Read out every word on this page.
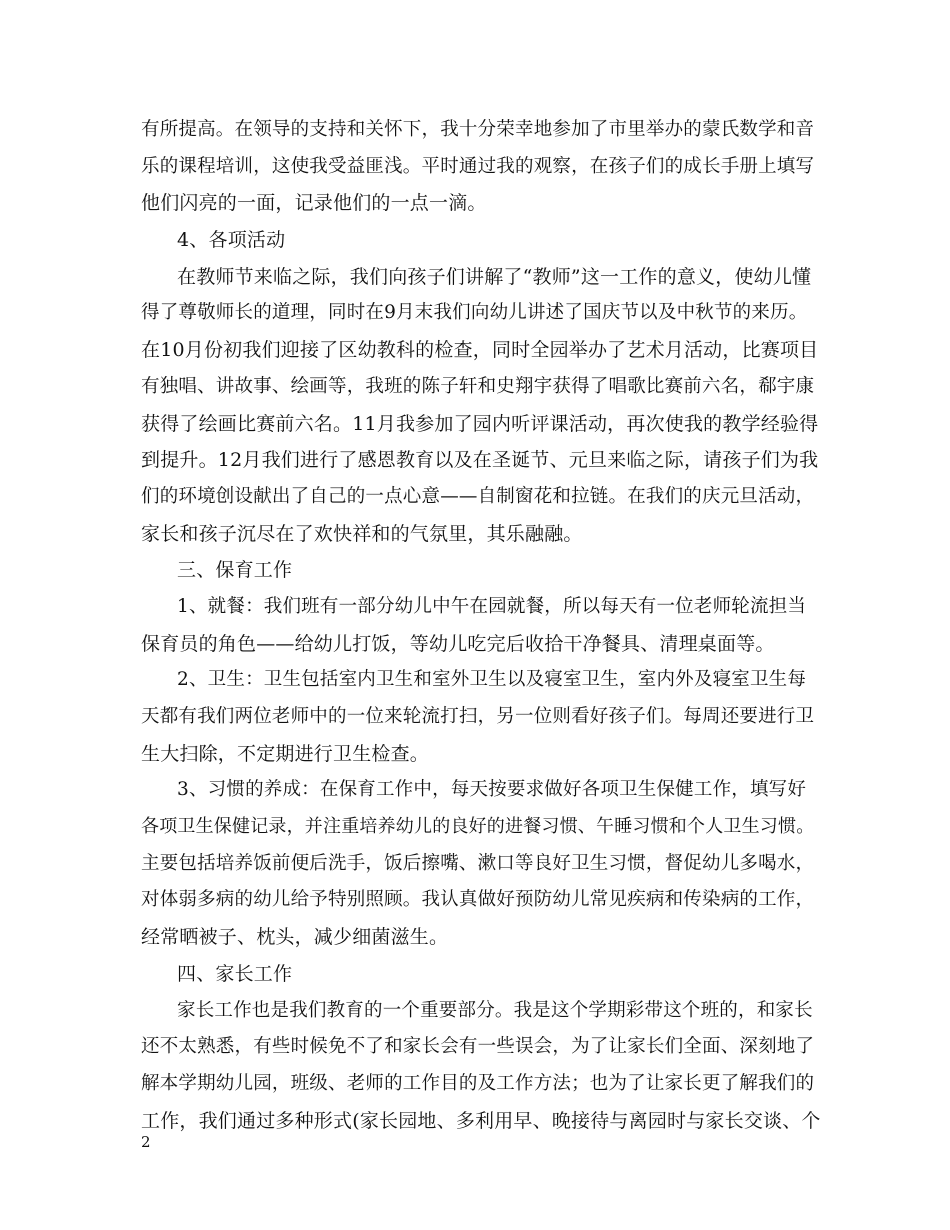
有所提高。在领导的支持和关怀下，我十分荣幸地参加了市里举办的蒙氏数学和音
乐的课程培训，这使我受益匪浅。平时通过我的观察，在孩子们的成长手册上填写
他们闪亮的一面，记录他们的一点一滴。
4、各项活动
在教师节来临之际，我们向孩子们讲解了“教师”这一工作的意义，使幼儿懂
得了尊敬师长的道理，同时在9月末我们向幼儿讲述了国庆节以及中秋节的来历。
在10月份初我们迎接了区幼教科的检查，同时全园举办了艺术月活动，比赛项目
有独唱、讲故事、绘画等，我班的陈子轩和史翔宇获得了唱歌比赛前六名，郗宇康
获得了绘画比赛前六名。11月我参加了园内听评课活动，再次使我的教学经验得
到提升。12月我们进行了感恩教育以及在圣诞节、元旦来临之际，请孩子们为我
们的环境创设献出了自己的一点心意——自制窗花和拉链。在我们的庆元旦活动，
家长和孩子沉尽在了欢快祥和的气氛里，其乐融融。
三、保育工作
1、就餐：我们班有一部分幼儿中午在园就餐，所以每天有一位老师轮流担当
保育员的角色——给幼儿打饭，等幼儿吃完后收拾干净餐具、清理桌面等。
2、卫生：卫生包括室内卫生和室外卫生以及寝室卫生，室内外及寝室卫生每
天都有我们两位老师中的一位来轮流打扫，另一位则看好孩子们。每周还要进行卫
生大扫除，不定期进行卫生检查。
3、习惯的养成：在保育工作中，每天按要求做好各项卫生保健工作，填写好
各项卫生保健记录，并注重培养幼儿的良好的进餐习惯、午睡习惯和个人卫生习惯。
主要包括培养饭前便后洗手，饭后擦嘴、漱口等良好卫生习惯，督促幼儿多喝水，
对体弱多病的幼儿给予特别照顾。我认真做好预防幼儿常见疾病和传染病的工作，
经常晒被子、枕头，减少细菌滋生。
四、家长工作
家长工作也是我们教育的一个重要部分。我是这个学期彩带这个班的，和家长
还不太熟悉，有些时候免不了和家长会有一些误会，为了让家长们全面、深刻地了
解本学期幼儿园，班级、老师的工作目的及工作方法；也为了让家长更了解我们的
工作，我们通过多种形式(家长园地、多利用早、晚接待与离园时与家长交谈、个
2
